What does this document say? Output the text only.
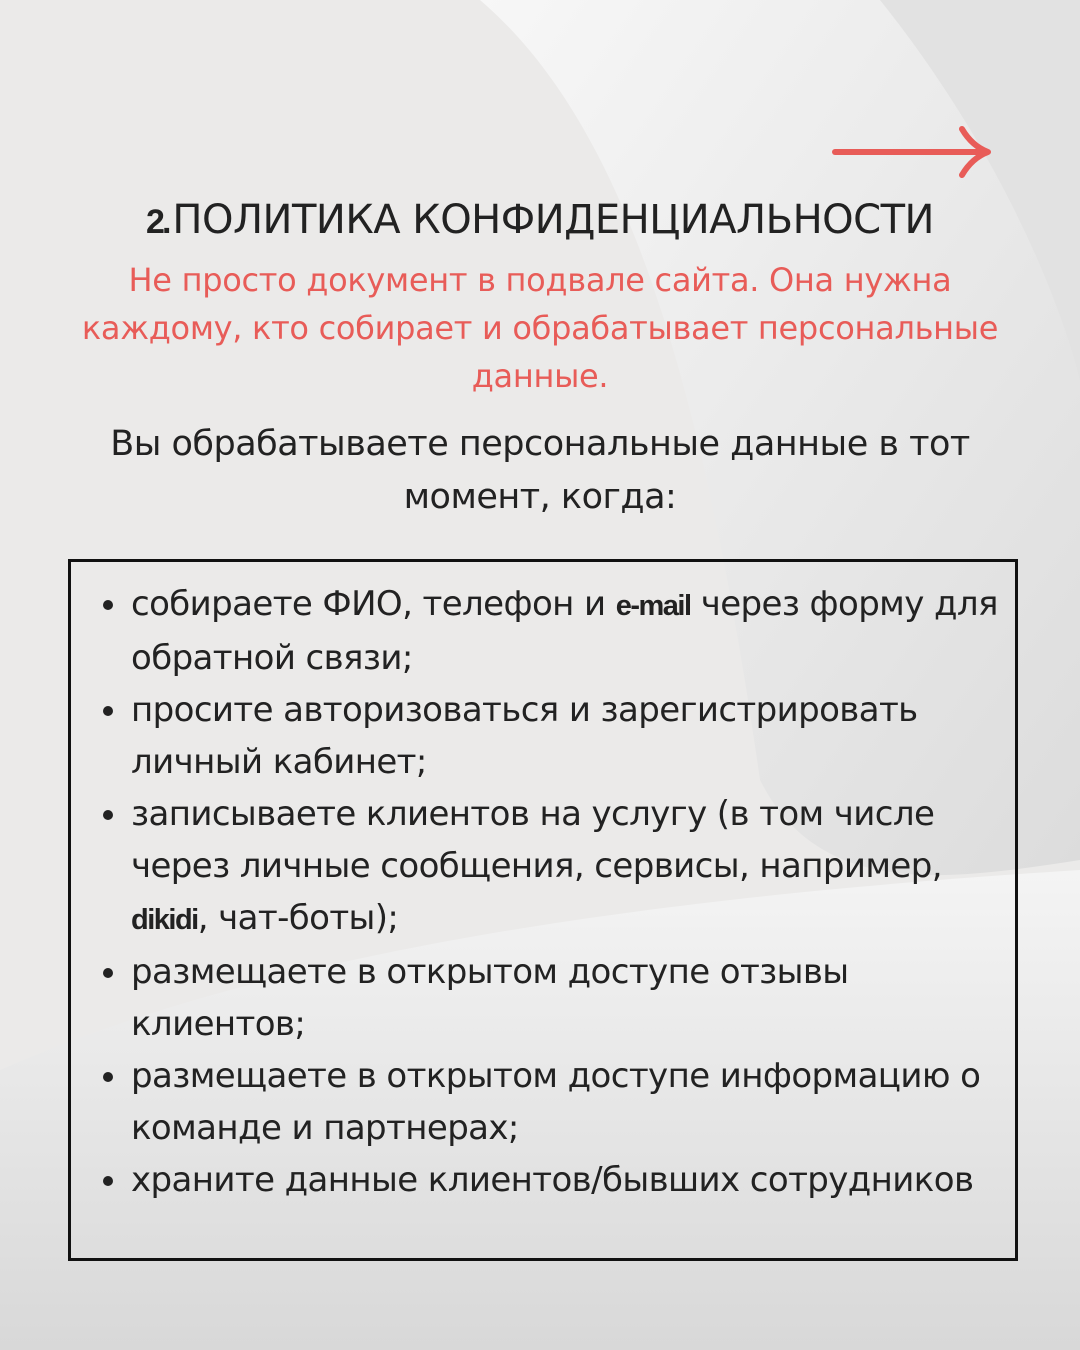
2. ПОЛИТИКА КОНФИДЕНЦИАЛЬНОСТИ
Не просто документ в подвале сайта. Она нужна
каждому, кто собирает и обрабатывает персональные
данные.
Вы обрабатываете персональные данные в тот
момент, когда:
собираете ФИО, телефон и e-mail через форму для
обратной связи;
просите авторизоваться и зарегистрировать
личный кабинет;
записываете клиентов на услугу (в том числе
через личные сообщения, сервисы, например,
dikidi, чат-боты);
размещаете в открытом доступе отзывы
клиентов;
размещаете в открытом доступе информацию о
команде и партнерах;
храните данные клиентов/бывших сотрудников
